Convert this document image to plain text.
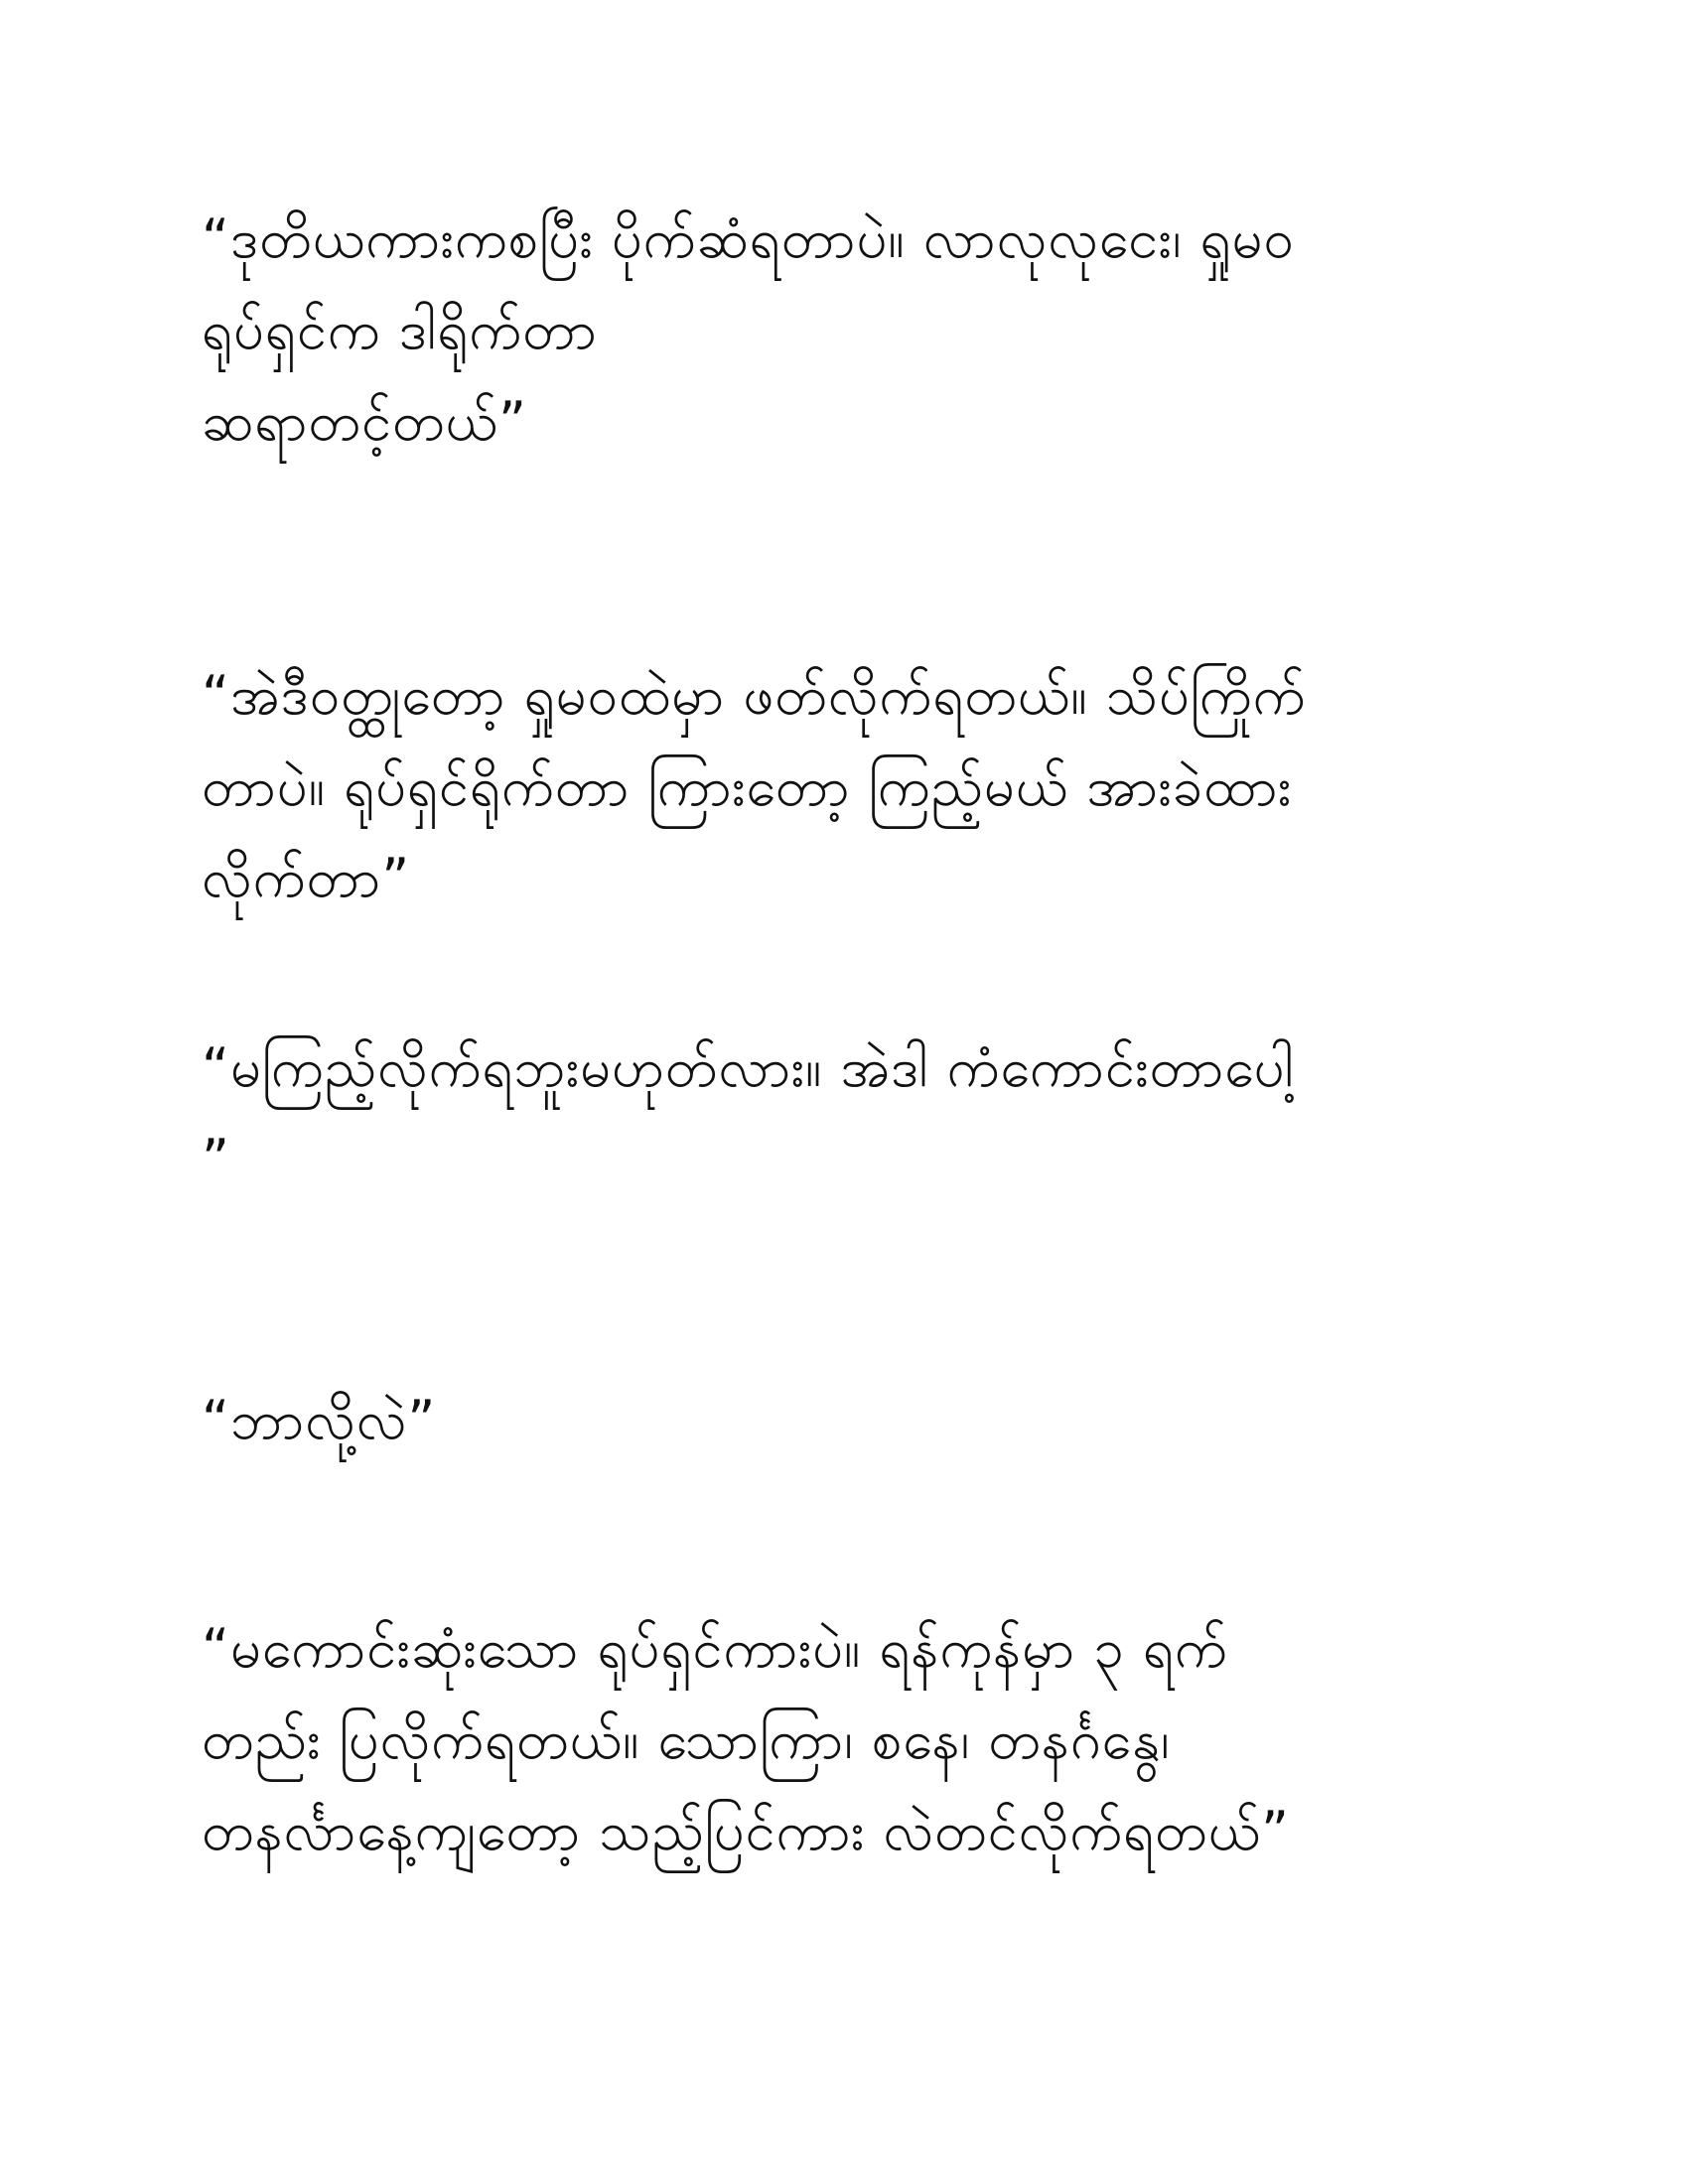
“ဒုတိယကားကစပြီး ပိုက်ဆံရတာပဲ။ လာလုလုငေး၊ ရှုမ၀
ရုပ်ရှင်က ဒါရိုက်တာ
ဆရာတင့်တယ်”
“အဲဒီ၀တ္ထုတော့ ရှုမ၀ထဲမှာ ဖတ်လိုက်ရတယ်။ သိပ်ကြိုက်
တာပဲ။ ရုပ်ရှင်ရိုက်တာ ကြားတော့ ကြည့်မယ် အားခဲထား
လိုက်တာ”
“မကြည့်လိုက်ရဘူးမဟုတ်လား။ အဲဒါ ကံကောင်းတာပေါ့
”
“ဘာလို့လဲ”
“မကောင်းဆုံးသော ရုပ်ရှင်ကားပဲ။ ရန်ကုန်မှာ ၃ ရက်
တည်း ပြလိုက်ရတယ်။ သောကြာ၊ စနေ၊ တနင်္ဂနွေ၊
တနင်္လာနေ့ကျတော့ သည့်ပြင်ကား လဲတင်လိုက်ရတယ်”
